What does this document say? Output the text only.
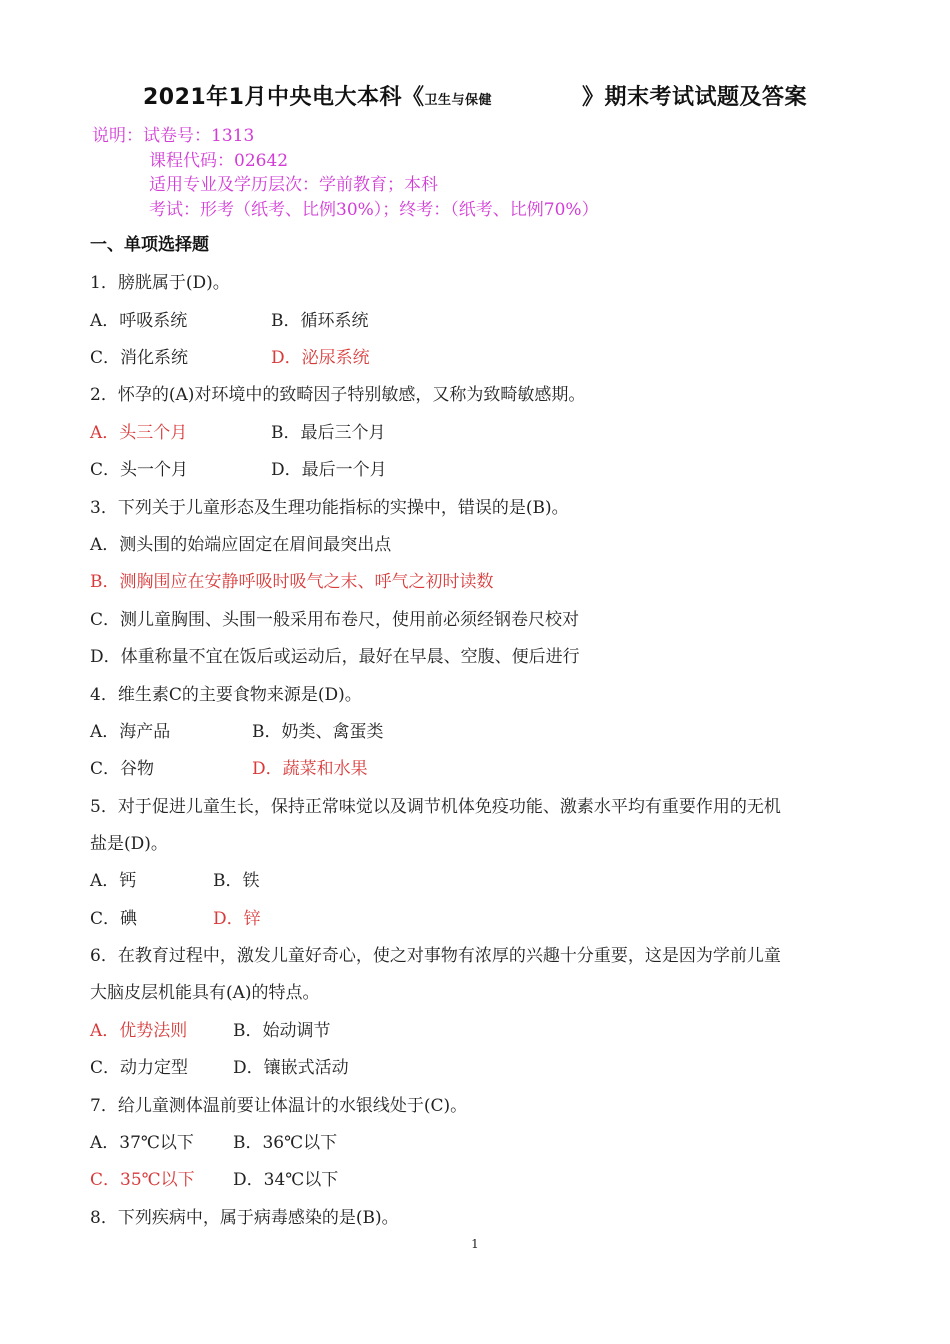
2021年1月中央电大本科《卫生与保健	》期末考试试题及答案
说明：试卷号：1313
课程代码：02642
适用专业及学历层次：学前教育；本科
考试：形考（纸考、比例30%）；终考：（纸考、比例70%）
一、单项选择题
1．膀胱属于(D)。
A．呼吸系统	B．循环系统
C．消化系统	D．泌尿系统
2．怀孕的(A)对环境中的致畸因子特别敏感，又称为致畸敏感期。
A．头三个月	B．最后三个月
C．头一个月	D．最后一个月
3．下列关于儿童形态及生理功能指标的实操中，错误的是(B)。
A．测头围的始端应固定在眉间最突出点
B．测胸围应在安静呼吸时吸气之末、呼气之初时读数
C．测儿童胸围、头围一般采用布卷尺，使用前必须经钢卷尺校对
D．体重称量不宜在饭后或运动后，最好在早晨、空腹、便后进行
4．维生素C的主要食物来源是(D)。
A．海产品	B．奶类、禽蛋类
C．谷物	D．蔬菜和水果
5．对于促进儿童生长，保持正常味觉以及调节机体免疫功能、激素水平均有重要作用的无机
盐是(D)。
A．钙	B．铁
C．碘	D．锌
6．在教育过程中，激发儿童好奇心，使之对事物有浓厚的兴趣十分重要，这是因为学前儿童
大脑皮层机能具有(A)的特点。
A．优势法则	B．始动调节
C．动力定型	D．镶嵌式活动
7．给儿童测体温前要让体温计的水银线处于(C)。
A．37℃以下 B．36℃以下
C．35℃以下 D．34℃以下
8．下列疾病中，属于病毒感染的是(B)。
1
